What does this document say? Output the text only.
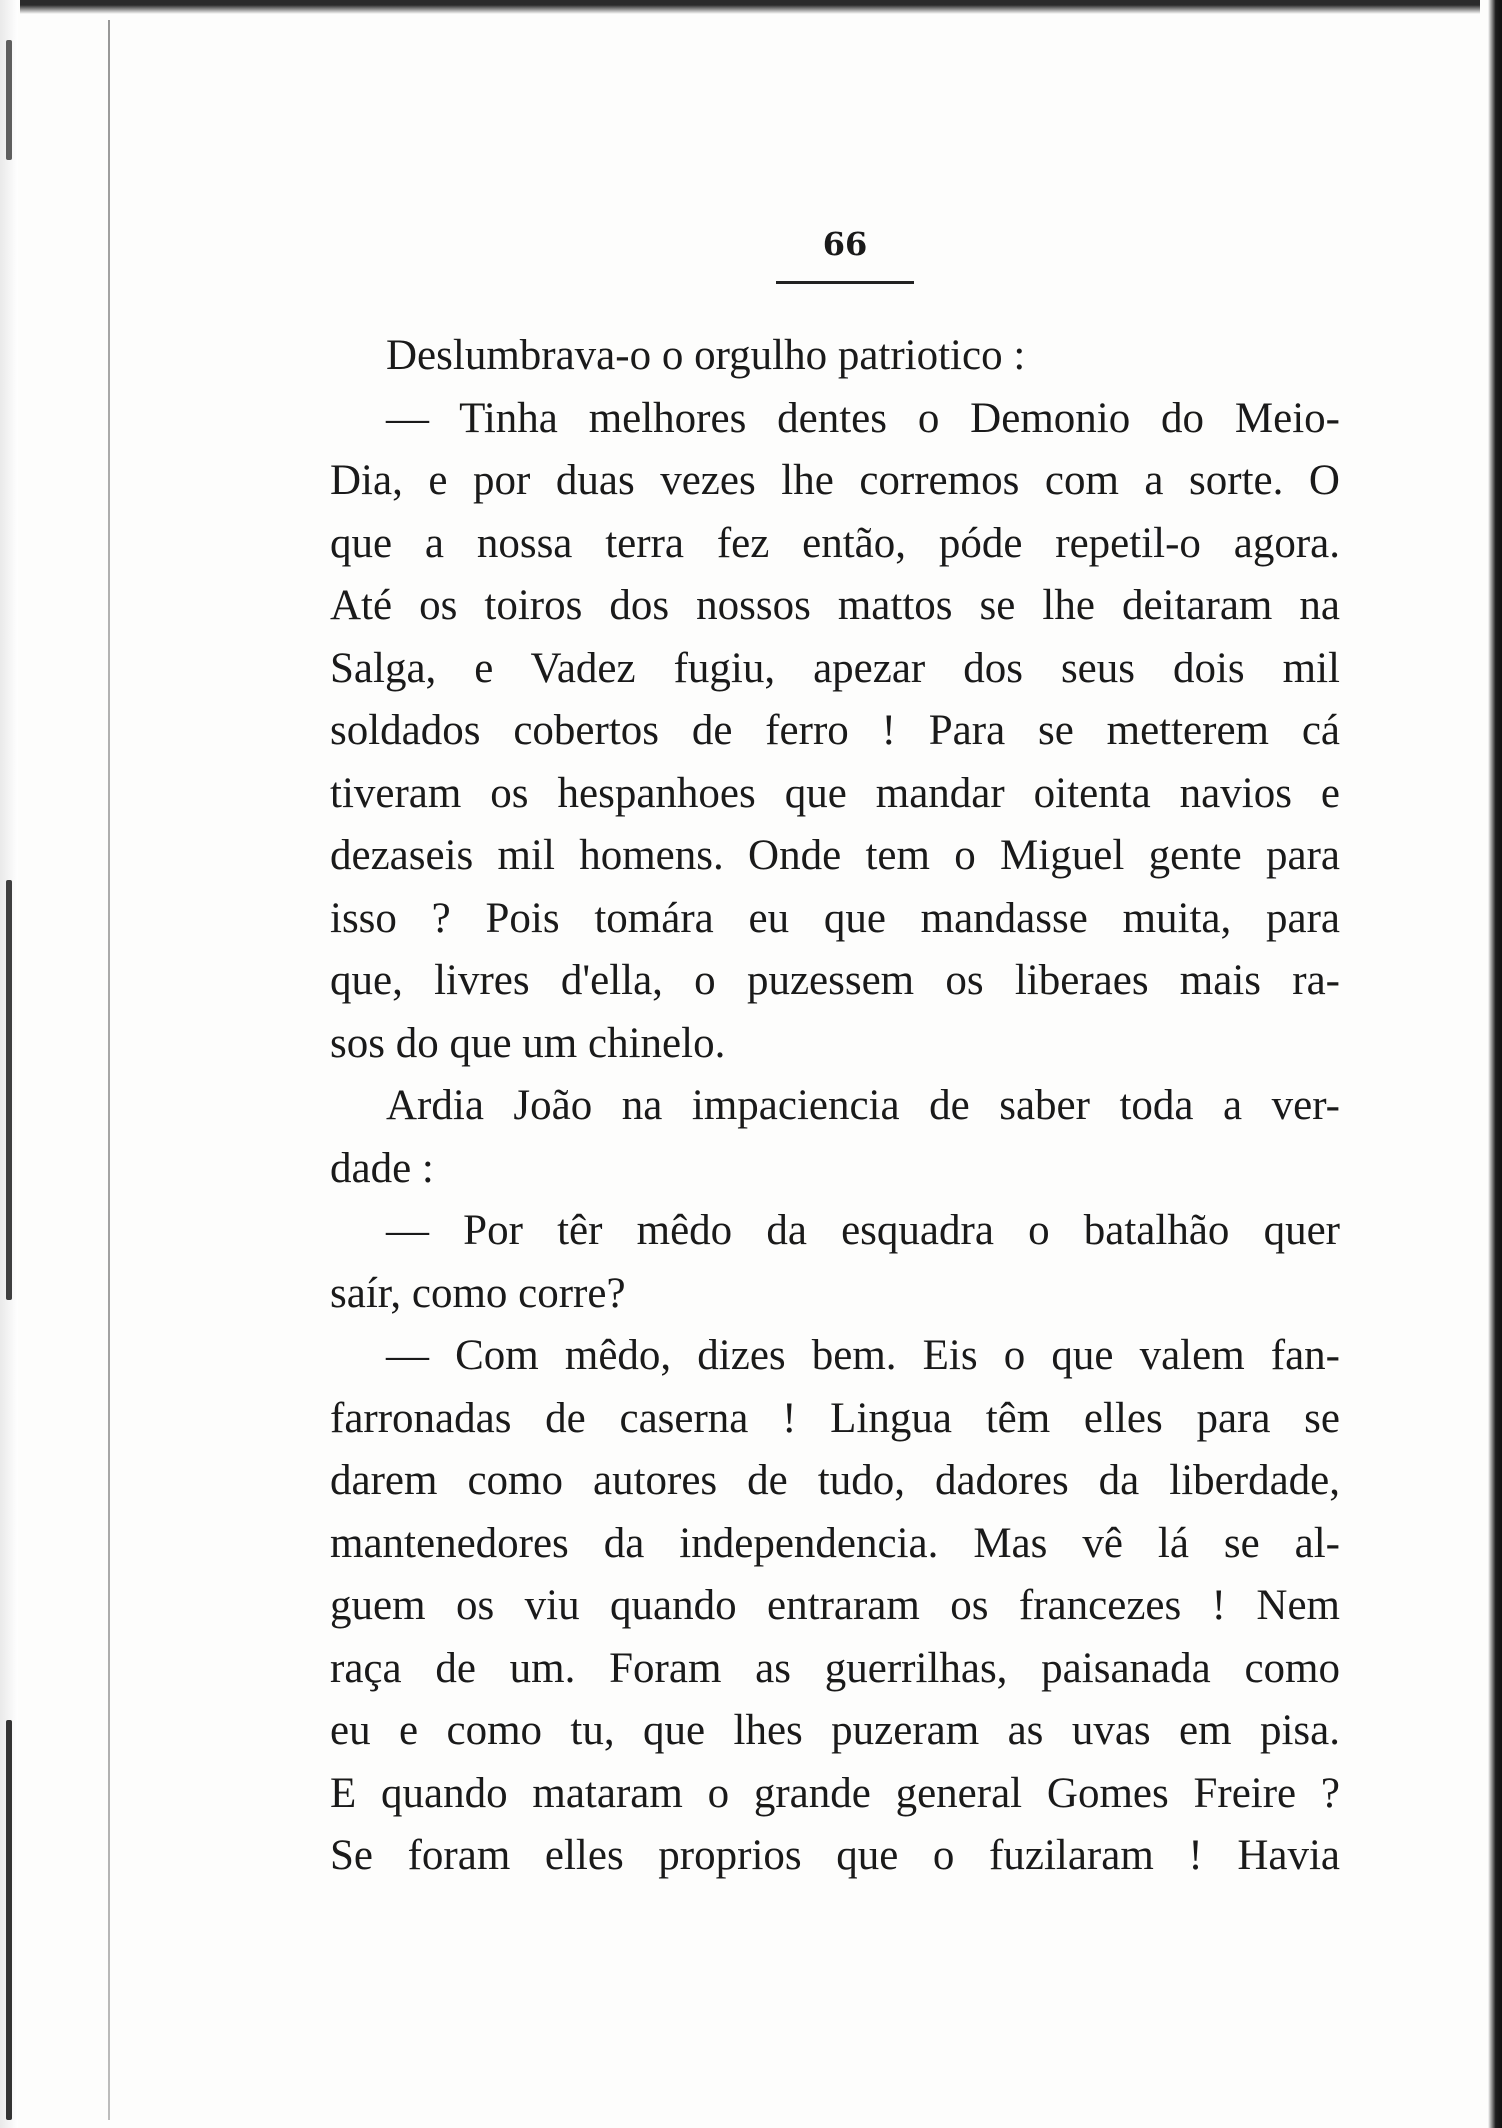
66
Deslumbrava-o o orgulho patriotico :
— Tinha melhores dentes o Demonio do Meio-
Dia, e por duas vezes lhe corremos com a sorte. O
que a nossa terra fez então, póde repetil-o agora.
Até os toiros dos nossos mattos se lhe deitaram na
Salga, e Vadez fugiu, apezar dos seus dois mil
soldados cobertos de ferro ! Para se metterem cá
tiveram os hespanhoes que mandar oitenta navios e
dezaseis mil homens. Onde tem o Miguel gente para
isso ? Pois tomára eu que mandasse muita, para
que, livres d'ella, o puzessem os liberaes mais ra-
sos do que um chinelo.
Ardia João na impaciencia de saber toda a ver-
dade :
— Por têr mêdo da esquadra o batalhão quer
saír, como corre?
— Com mêdo, dizes bem. Eis o que valem fan-
farronadas de caserna ! Lingua têm elles para se
darem como autores de tudo, dadores da liberdade,
mantenedores da independencia. Mas vê lá se al-
guem os viu quando entraram os francezes ! Nem
raça de um. Foram as guerrilhas, paisanada como
eu e como tu, que lhes puzeram as uvas em pisa.
E quando mataram o grande general Gomes Freire ?
Se foram elles proprios que o fuzilaram ! Havia
